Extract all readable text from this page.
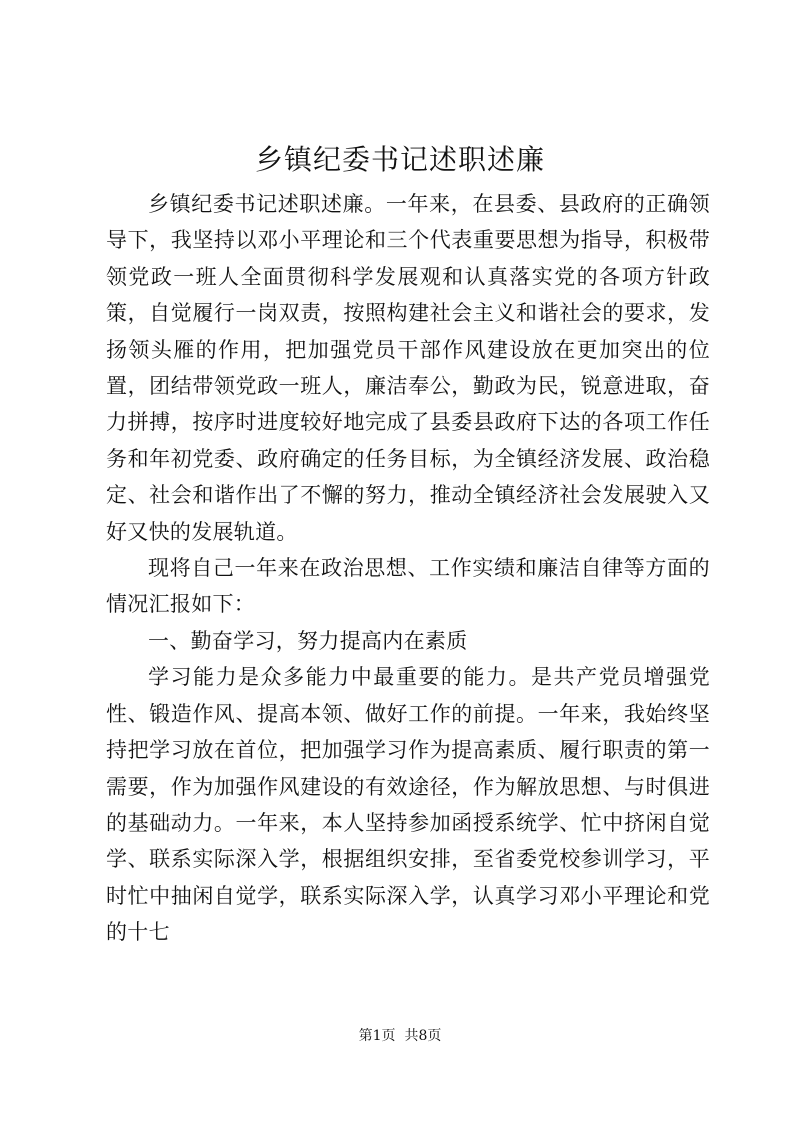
乡镇纪委书记述职述廉

乡镇纪委书记述职述廉。一年来，在县委、县政府的正确领导下，我坚持以邓小平理论和三个代表重要思想为指导，积极带领党政一班人全面贯彻科学发展观和认真落实党的各项方针政策，自觉履行一岗双责，按照构建社会主义和谐社会的要求，发扬领头雁的作用，把加强党员干部作风建设放在更加突出的位置，团结带领党政一班人，廉洁奉公，勤政为民，锐意进取，奋力拼搏，按序时进度较好地完成了县委县政府下达的各项工作任务和年初党委、政府确定的任务目标，为全镇经济发展、政治稳定、社会和谐作出了不懈的努力，推动全镇经济社会发展驶入又好又快的发展轨道。

现将自己一年来在政治思想、工作实绩和廉洁自律等方面的情况汇报如下：

一、勤奋学习，努力提高内在素质

学习能力是众多能力中最重要的能力。是共产党员增强党性、锻造作风、提高本领、做好工作的前提。一年来，我始终坚持把学习放在首位，把加强学习作为提高素质、履行职责的第一需要，作为加强作风建设的有效途径，作为解放思想、与时俱进的基础动力。一年来，本人坚持参加函授系统学、忙中挤闲自觉学、联系实际深入学，根据组织安排，至省委党校参训学习，平时忙中抽闲自觉学，联系实际深入学，认真学习邓小平理论和党的十七

第1页  共8页
